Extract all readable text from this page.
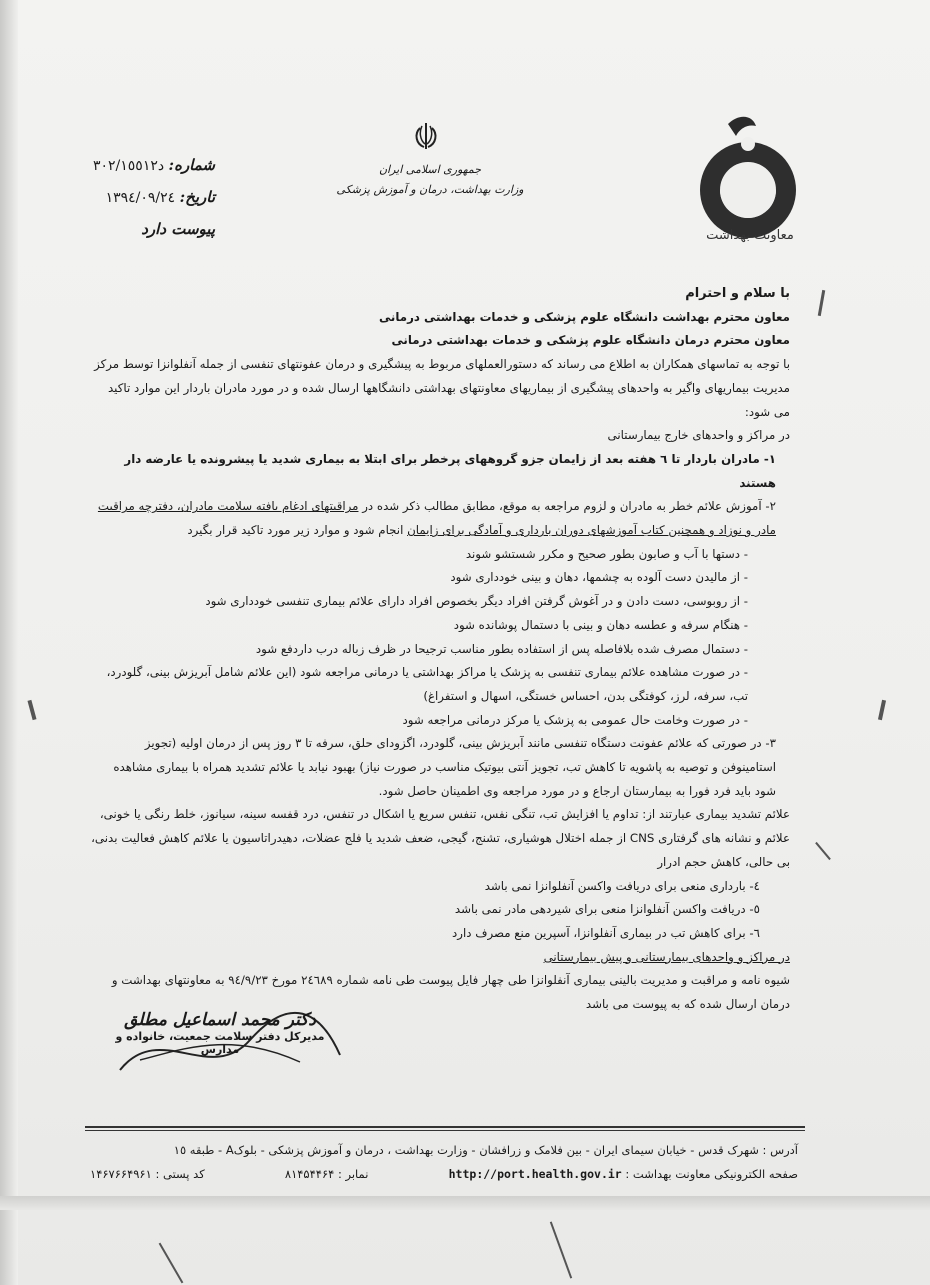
معاونت بهداشت
جمهوری اسلامی ایران
وزارت بهداشت، درمان و آموزش پزشکی
شماره: د٣٠٢/١٥٥١٢
تاریخ: ١٣٩٤/٠٩/٢٤
پیوست دارد

با سلام و احترام

معاون محترم بهداشت دانشگاه علوم پزشکی و خدمات بهداشتی درمانی

معاون محترم درمان دانشگاه علوم پزشکی و خدمات بهداشتی درمانی

با توجه به تماسهای همکاران به اطلاع می رساند که دستورالعملهای مربوط به پیشگیری و درمان عفونتهای تنفسی از جمله آنفلوانزا توسط مرکز مدیریت بیماریهای واگیر به واحدهای پیشگیری از بیماریهای معاونتهای بهداشتی دانشگاهها ارسال شده و در مورد مادران باردار این موارد تاکید می شود:

در مراکز و واحدهای خارج بیمارستانی

١- مادران باردار تا ٦ هفته بعد از زایمان جزو گروههای پرخطر برای ابتلا به بیماری شدید یا پیشرونده یا عارضه دار هستند

٢- آموزش علائم خطر به مادران و لزوم مراجعه به موقع، مطابق مطالب ذکر شده در مراقبتهای ادغام یافته سلامت مادران، دفترچه مراقبت مادر و نوزاد و همچنین کتاب آموزشهای دوران بارداری و آمادگی برای زایمان انجام شود و موارد زیر مورد تاکید قرار بگیرد

- دستها با آب و صابون بطور صحیح و مکرر شستشو شوند

- از مالیدن دست آلوده به چشمها، دهان و بینی خودداری شود

- از روبوسی، دست دادن و در آغوش گرفتن افراد دیگر بخصوص افراد دارای علائم بیماری تنفسی خودداری شود

- هنگام سرفه و عطسه دهان و بینی با دستمال پوشانده شود

- دستمال مصرف شده بلافاصله پس از استفاده بطور مناسب ترجیحا در ظرف زباله درب داردفع شود

- در صورت مشاهده علائم بیماری تنفسی به پزشک یا مراکز بهداشتی یا درمانی مراجعه شود (این علائم شامل آبریزش بینی، گلودرد، تب، سرفه، لرز، کوفتگی بدن، احساس خستگی، اسهال و استفراغ)

- در صورت وخامت حال عمومی به پزشک یا مرکز درمانی مراجعه شود

٣- در صورتی که علائم عفونت دستگاه تنفسی مانند آبریزش بینی، گلودرد، اگزودای حلق، سرفه تا ٣ روز پس از درمان اولیه (تجویز استامینوفن و توصیه به پاشویه تا کاهش تب، تجویز آنتی بیوتیک مناسب در صورت نیاز) بهبود نیابد یا علائم تشدید همراه با بیماری مشاهده شود باید فرد فورا به بیمارستان ارجاع و در مورد مراجعه وی اطمینان حاصل شود.

علائم تشدید بیماری عبارتند از: تداوم یا افزایش تب، تنگی نفس، تنفس سریع یا اشکال در تنفس، درد قفسه سینه، سیانوز، خلط رنگی یا خونی، علائم و نشانه های گرفتاری CNS از جمله اختلال هوشیاری، تشنج، گیجی، ضعف شدید یا فلج عضلات، دهیدراتاسیون یا علائم کاهش فعالیت بدنی، بی حالی، کاهش حجم ادرار

٤- بارداری منعی برای دریافت واکسن آنفلوانزا نمی باشد

٥- دریافت واکسن آنفلوانزا منعی برای شیردهی مادر نمی باشد

٦- برای کاهش تب در بیماری آنفلوانزا، آسپرین منع مصرف دارد

در مراکز و واحدهای بیمارستانی و پیش بیمارستانی

شیوه نامه و مراقبت و مدیریت بالینی بیماری آنفلوانزا طی چهار فایل پیوست طی نامه شماره ٢٤٦٨٩ مورخ ٩٤/٩/٢٣ به معاونتهای بهداشت و درمان ارسال شده که به پیوست می باشد

دکتر محمد اسماعیل مطلق
مدیرکل دفتر سلامت جمعیت، خانواده و مدارس
آدرس : شهرک قدس - خیابان سیمای ایران - بین فلامک و زرافشان - وزارت بهداشت ، درمان و آموزش پزشکی - بلوکA - طبقه ١٥
کد پستی : ١۴۶٧۶۶۴٩۶١	نمابر : ٨١۴۵۴۴۶۴	صفحه الکترونیکی معاونت بهداشت : http://port.health.gov.ir
